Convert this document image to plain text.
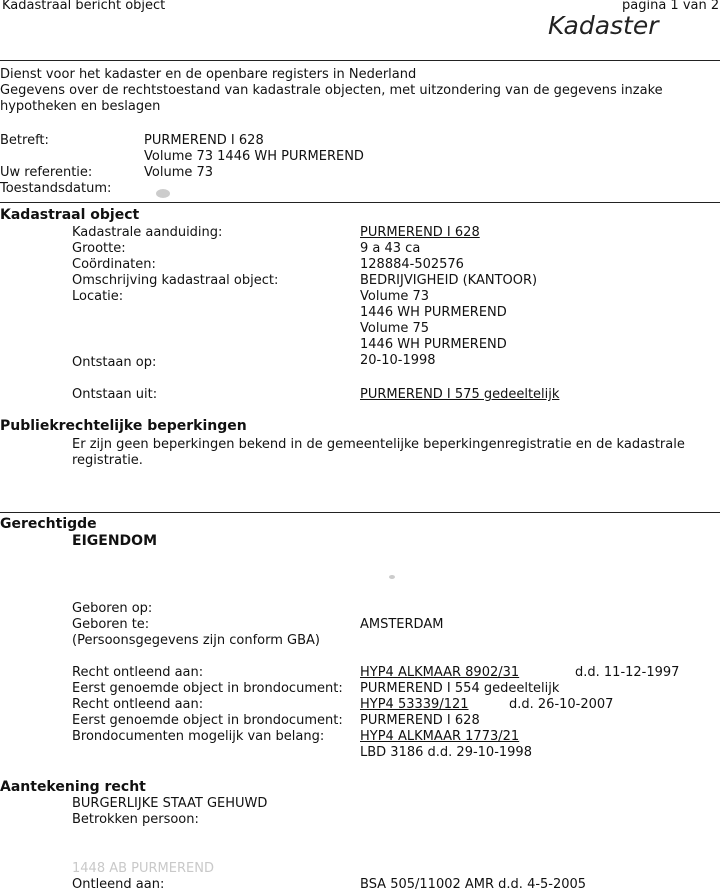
Kadastraal bericht object	pagina 1 van 2
Kadaster
Dienst voor het kadaster en de openbare registers in Nederland
Gegevens over de rechtstoestand van kadastrale objecten, met uitzondering van de gegevens inzake
hypotheken en beslagen
Betreft:	PURMEREND I 628
Volume 73 1446 WH PURMEREND
Uw referentie:	Volume 73
Toestandsdatum:
Kadastraal object
Kadastrale aanduiding:	PURMEREND I 628
Grootte:	9 a 43 ca
Coördinaten:	128884-502576
Omschrijving kadastraal object:	BEDRIJVIGHEID (KANTOOR)
Locatie:	Volume 73
1446 WH PURMEREND
Volume 75
1446 WH PURMEREND
Ontstaan op:	20-10-1998
Ontstaan uit:	PURMEREND I 575 gedeeltelijk
Publiekrechtelijke beperkingen
Er zijn geen beperkingen bekend in de gemeentelijke beperkingenregistratie en de kadastrale
registratie.
Gerechtigde
EIGENDOM
Geboren op:
Geboren te:	AMSTERDAM
(Persoonsgegevens zijn conform GBA)
Recht ontleend aan:	HYP4 ALKMAAR 8902/31	d.d. 11-12-1997
Eerst genoemde object in brondocument: PURMEREND I 554 gedeeltelijk
Recht ontleend aan:	HYP4 53339/121	d.d. 26-10-2007
Eerst genoemde object in brondocument: PURMEREND I 628
Brondocumenten mogelijk van belang:	HYP4 ALKMAAR 1773/21
LBD 3186 d.d. 29-10-1998
Aantekening recht
BURGERLIJKE STAAT GEHUWD
Betrokken persoon:
1448 AB PURMEREND
Ontleend aan:	BSA 505/11002 AMR d.d. 4-5-2005
